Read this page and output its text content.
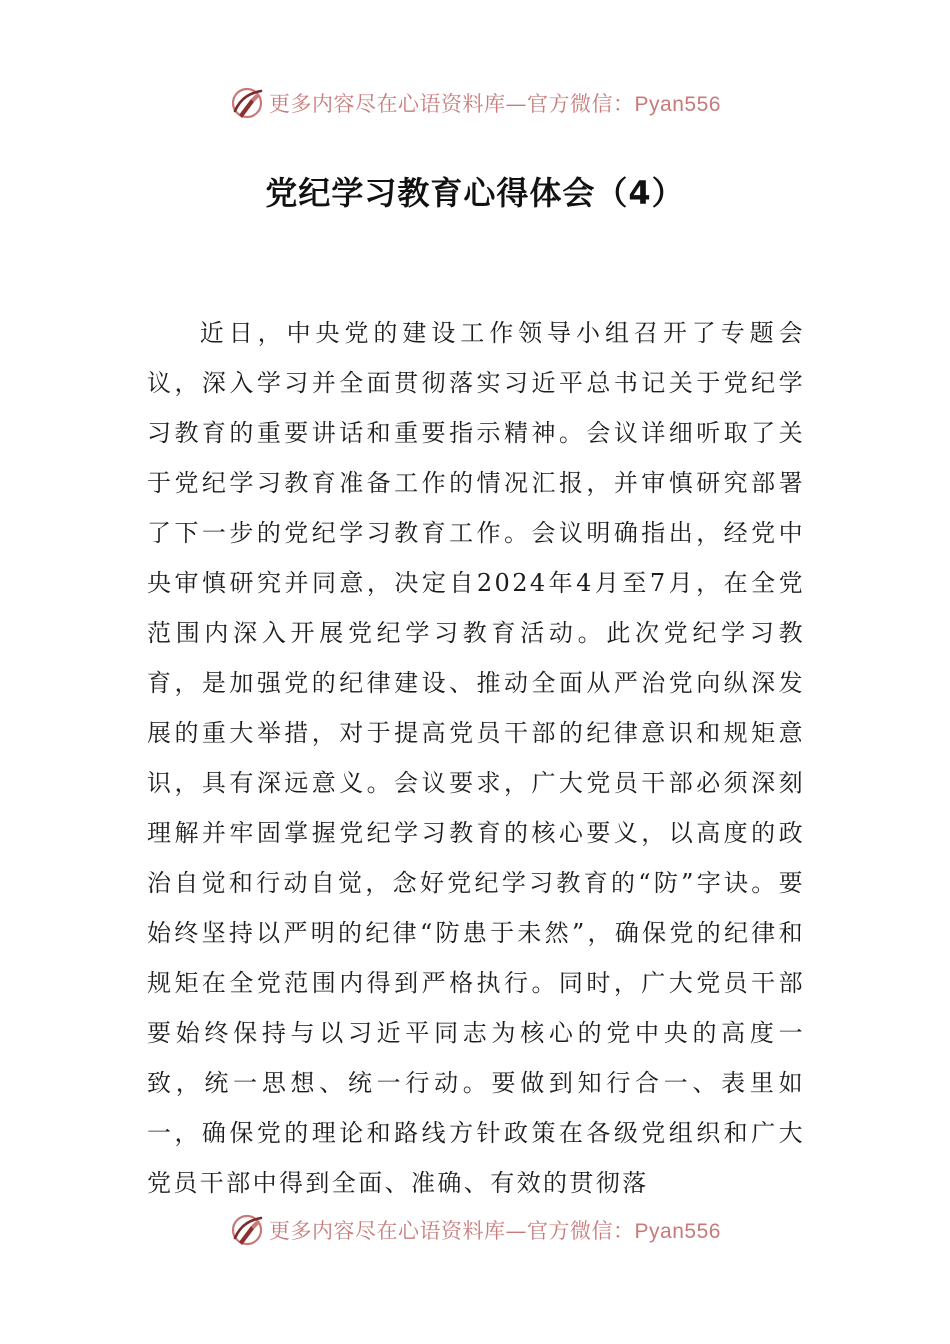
更多内容尽在心语资料库—官方微信：Pyan556
党纪学习教育心得体会（4）

近日，中央党的建设工作领导小组召开了专题会议，深入学习并全面贯彻落实习近平总书记关于党纪学习教育的重要讲话和重要指示精神。会议详细听取了关于党纪学习教育准备工作的情况汇报，并审慎研究部署了下一步的党纪学习教育工作。会议明确指出，经党中央审慎研究并同意，决定自2024年4月至7月，在全党范围内深入开展党纪学习教育活动。此次党纪学习教育，是加强党的纪律建设、推动全面从严治党向纵深发展的重大举措，对于提高党员干部的纪律意识和规矩意识，具有深远意义。会议要求，广大党员干部必须深刻理解并牢固掌握党纪学习教育的核心要义，以高度的政治自觉和行动自觉，念好党纪学习教育的“防”字诀。要始终坚持以严明的纪律“防患于未然”，确保党的纪律和规矩在全党范围内得到严格执行。同时，广大党员干部要始终保持与以习近平同志为核心的党中央的高度一致，统一思想、统一行动。要做到知行合一、表里如一，确保党的理论和路线方针政策在各级党组织和广大党员干部中得到全面、准确、有效的贯彻落

更多内容尽在心语资料库—官方微信：Pyan556
